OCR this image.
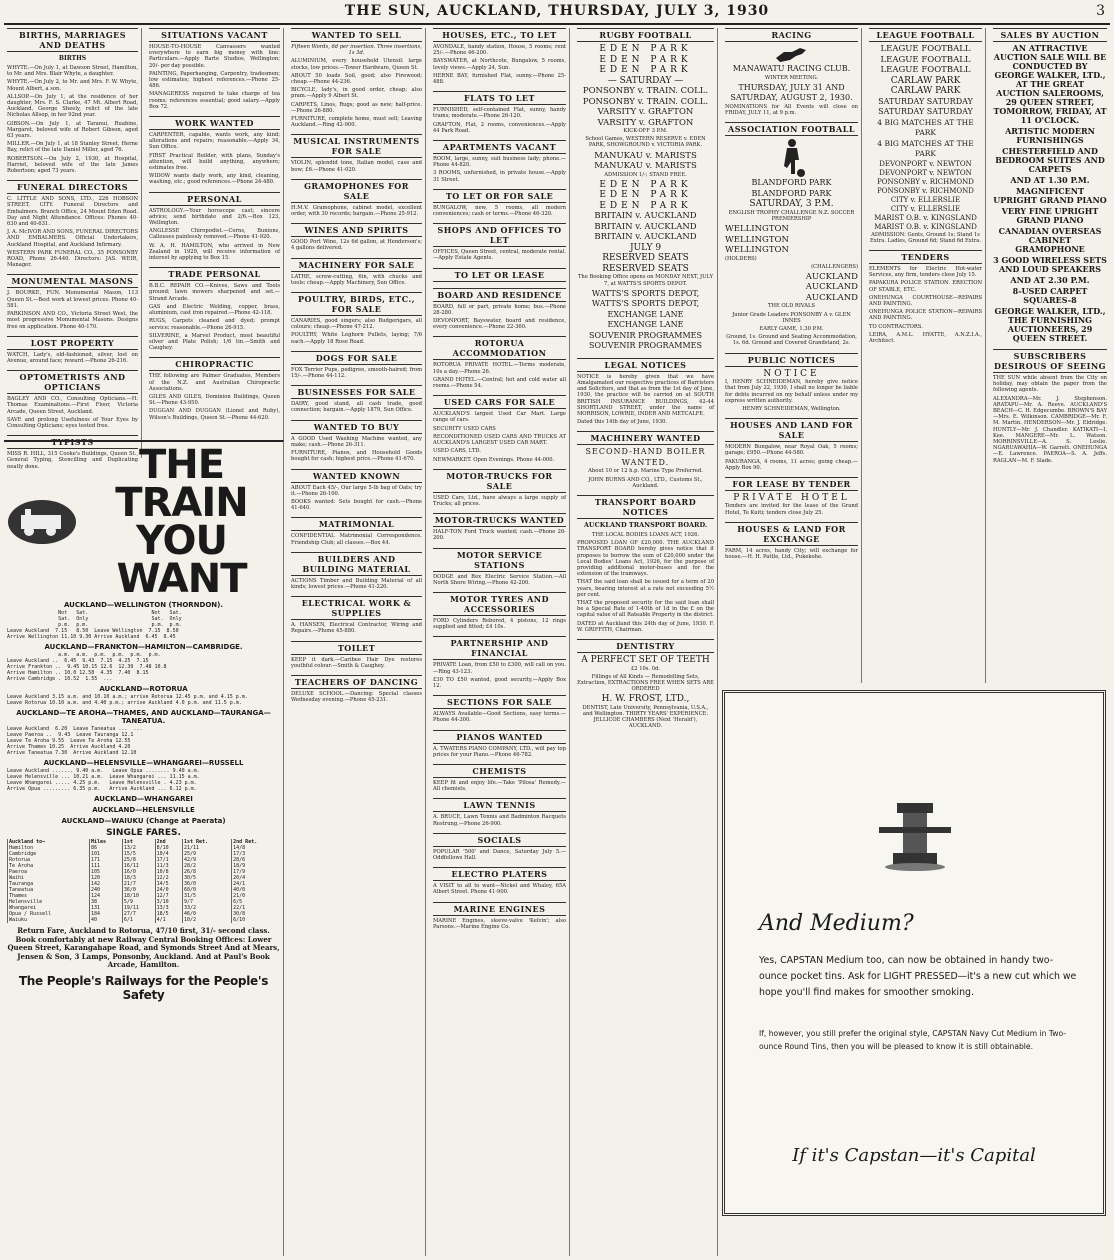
THE SUN, AUCKLAND, THURSDAY, JULY 3, 1930	3
BIRTHS, MARRIAGES AND DEATHS
BIRTHS
WHYTE.—On July 1, at Dawson Street, Hamilton, to Mr. and Mrs. Blair Whyte, a daughter.
WHYTE.—On July 2, to Mr. and Mrs. F. W. Whyte, Mount Albert, a son.
ALLSOP.—On July 1, at the residence of her daughter, Mrs. F. S. Clarke, 47 Mt. Albert Road, Auckland, George Sheely, relict of the late Nicholas Allsop, in her 92nd year.
GIBSON.—On July 1, at Taranui, Ruabine, Margaret, beloved wife of Robert Gibson, aged 63 years.
MILLER.—On July 1, at 18 Stanley Street, Herne Bay, relict of the late Daniel Miller, aged 76.
ROBERTSON.—On July 2, 1930, at Hospital, Harriet, beloved wife of the late James Robertson; aged 73 years.
FUNERAL DIRECTORS
C. LITTLE AND SONS, LTD., 226 HOBSON STREET, CITY. Funeral Directors and Embalmers. Branch Office, 24 Mount Eden Road. Day and Night Attendance. Offices: Phones 40-630 and 40-631.
J. A. McIVOR AND SONS, FUNERAL DIRECTORS AND EMBALMERS. Official Undertakers, Auckland Hospital, and Auckland Infirmary.
WESTERN PARK FUNERAL CO., 35 PONSONBY ROAD, Phone 26-440. Directors: JAS. WEIR, Manager.
MONUMENTAL MASONS
J. BOURKE, FUN. Monumental Mason, 113 Queen St.—Best work at lowest prices. Phone 40-581.
PARKINSON AND CO., Victoria Street West, the most progressive Monumental Masons. Designs free on application. Phone 40-170.
LOST PROPERTY
WATCH, Lady's, old-fashioned, silver, lost on Avenue, around face; reward.—Phone 26-216.
OPTOMETRISTS AND OPTICIANS
BAGLEY AND CO., Consulting Opticians.—H. Thomas Examinations.—First Floor, Victoria Arcade, Queen Street, Auckland.
SAVE and prolong Usefulness of Your Eyes by Consulting Opticians; eyes tested free.
TYPISTS
MISS R. HILL, 315 Cooke's Buildings, Queen St., General Typing, Stencilling and Duplicating neatly done.
SITUATIONS VACANT
HOUSE-TO-HOUSE Canvassers wanted everywhere to earn big money with line: Particulars.—Apply Rarte Studios, Wellington; 20/- per day possible.
PAINTING, Paperhanging, Carpentry, tradesmen; low estimates; highest references.—Phone 25-486.
MANAGERESS required to take charge of tea rooms; references essential; good salary.—Apply Box 72.
WORK WANTED
CARPENTER, capable, wants work, any kind; alterations and repairs; reasonable.—Apply 34, Sun Office.
FIRST Practical Builder, with plans, Sunday's attention, will build anything, anywhere; estimates free.
WIDOW wants daily work, any kind, cleaning, washing, etc.; good references.—Phone 24-480.
PERSONAL
ASTROLOGY.—Your horoscope cast; sincere advice; send birthdate and 2/6.—Box 123, Wellington.
ANGLESSE Chiropodist.—Corns, Bunions, Callouses painlessly removed.—Phone 41-920.
W. A. H. HAMILTON, who arrived in New Zealand in 1929, will receive information of interest by applying to Box 15.
TRADE PERSONAL
B.B.C. REPAIR CO.—Knives, Saws and Tools ground; lawn mowers sharpened and set.—Strand Arcade.
GAS and Electric Welding, copper, brass, aluminium, cast iron repaired.—Phone 42-118.
RUGS, Carpets cleaned and dyed; prompt service; reasonable.—Phone 26-915.
SILVERINE, a Marvel Product, most beautiful silver and Plate Polish; 1/6 tin.—Smith and Caughey.
CHIROPRACTIC
THE following are Palmer Graduates, Members of the N.Z. and Australian Chiropractic Associations.
GILES AND GILES, Dominion Buildings, Queen St.—Phone 43-950.
DUGGAN AND DUGGAN (Lionel and Ruby), Wilson's Buildings, Queen St.—Phone 44-620.
THE TRAIN
YOU WANT
AUCKLAND—WELLINGTON (THORNDON).
Not   Sat.                     Not   Sat.
Sat.  Only                     Sat.  Only
p.m.  p.m.                     p.m.  p.m.
Leave Auckland  7.15   8.50  Leave Wellington  7.15  8.50
Arrive Wellington 11.10 9.30 Arrive Auckland  6.45  8.45
AUCKLAND—FRANKTON—HAMILTON—CAMBRIDGE.
a.m.  a.m.  p.m.  p.m.  p.m.  p.m.
Leave Auckland ..  6.45  9.43  7.15  4.25  7.15
Arrive Frankton ..  9.45 10.15 12.6  12.30  7.48 10.8
Arrive Hamilton .. 10.0 12.58  4.35  7.40  8.15
Arrive Cambridge . 10.52  1.55  ...
AUCKLAND—ROTORUA
Leave Auckland 3.15 a.m. and 10.10 a.m.; arrive Rotorua 12.45 p.m. and 4.15 p.m.
Leave Rotorua 10.10 a.m. and 4.40 p.m.; arrive Auckland 4.0 p.m. and 11.5 p.m.
AUCKLAND—TE AROHA—THAMES, AND AUCKLAND—TAURANGA—TANEATUA.
Leave Auckland  6.20  Leave Taneatua ...  ...
Leave Paeroa ..  9.43  Leave Tauranga 12.1
Leave Te Aroha 9.55  Leave Te Aroha 12.55
Arrive Thames 10.25  Arrive Auckland 4.20
Arrive Taneatua 7.30  Arrive Auckland 12.10
AUCKLAND—HELENSVILLE—WHANGAREI—RUSSELL
Leave Auckland ....... 9.40 a.m.   Leave Opua ........ 9.40 a.m.
Leave Helensville ... 10.21 a.m.  Leave Whangarei ... 11.15 a.m.
Leave Whangarei ..... 4.25 p.m.   Leave Helensville . 4.23 p.m.
Arrive Opua ......... 6.35 p.m.   Arrive Auckland ... 6.12 p.m.
AUCKLAND—WHANGAREI
AUCKLAND—HELENSVILLE
AUCKLAND—WAIUKU (Change at Paerata)
SINGLE FARES.
Auckland to—	Miles	1st	2nd	1st Ret.	2nd Ret.
Hamilton	86	13/2	8/10	21/11	14/8
Cambridge	101	15/5	10/4	25/9	17/3
Rotorua	171	25/8	17/1	42/9	28/6
Te Aroha	111	16/11	11/3	28/2	18/9
Paeroa	105	16/0	10/8	26/8	17/9
Waihi	120	18/3	12/2	30/5	20/4
Tauranga	142	21/7	14/5	36/0	24/1
Taneatua	240	36/0	24/0	60/0	40/0
Thames	124	18/10	12/7	31/5	21/0
Helensville	38	5/9	3/10	9/7	6/5
Whangarei	131	19/11	13/3	33/2	22/1
Opua / Russell	184	27/7	18/5	46/0	30/8
Waiuku	40	6/1	4/1	10/2	6/10
Return Fare, Auckland to Rotorua, 47/10 first, 31/- second class.
Book comfortably at new Railway Central Booking Offices: Lower Queen Street, Karangahape Road, and Symonds Street And at Mears, Jensen & Son, 3 Lamps, Ponsonby, Auckland. And at Paul's Book Arcade, Hamilton.
The People's Railways for the People's Safety
WANTED TO SELL
Fifteen Words, 6d per insertion. Three insertions, 1s 3d.
ALUMINIUM, every household Utensil: large stocks, low prices.—Tower Hardware, Queen St.
ABOUT 50 loads Soil, good; also Firewood; cheap.—Phone 44-236.
BICYCLE, lady's, in good order, cheap; also pram.—Apply 9 Albert St.
CARPETS, Linos, Rugs; good as new; half-price.—Phone 26-880.
FURNITURE, complete home, must sell; Leaving Auckland.—Ring 42-900.
MUSICAL INSTRUMENTS FOR SALE
VIOLIN, splendid tone, Italian model, case and bow; £6.—Phone 41-020.
GRAMOPHONES FOR SALE
H.M.V. Gramophone, cabinet model, excellent order, with 30 records; bargain.—Phone 25-912.
WINES AND SPIRITS
GOOD Port Wine, 12s 6d gallon, at Henderson's; 4 gallons delivered.
MACHINERY FOR SALE
LATHE, screw-cutting, 6in, with chucks and tools; cheap.—Apply Machinery, Sun Office.
POULTRY, BIRDS, ETC., FOR SALE
CANARIES, good singers; also Budgerigars, all colours; cheap.—Phone 47-212.
POULTRY, White Leghorn Pullets, laying; 7/6 each.—Apply 18 Rose Road.
DOGS FOR SALE
FOX Terrier Pups, pedigree, smooth-haired; from 15/-.—Phone 44-112.
BUSINESSES FOR SALE
DAIRY, good stand, all cash trade, good connection; bargain.—Apply 1879, Sun Office.
WANTED TO BUY
A GOOD Used Washing Machine wanted, any make; cash.—Phone 26-311.
FURNITURE, Pianos, and Household Goods bought for cash; highest price.—Phone 41-670.
WANTED KNOWN
ABOUT Each 45/-, Our large 5-lb bag of Oats; try it.—Phone 26-100.
BOOKS wanted: Sets bought for cash.—Phone 41-640.
MATRIMONIAL
CONFIDENTIAL Matrimonial Correspondence. Friendship Club; all classes.—Box 44.
BUILDERS AND BUILDING MATERIAL
ACTIONS Timber and Building Material of all kinds; lowest prices.—Phone 41-220.
ELECTRICAL WORK & SUPPLIES
A. HANSEN, Electrical Contractor, Wiring and Repairs.—Phone 45-880.
TOILET
KEEP it dark.—Caribee Hair Dye restores youthful colour.—Smith & Caughey.
TEACHERS OF DANCING
DELUXE SCHOOL.—Dancing: Special classes Wednesday evening.—Phone 45-231.
HOUSES, ETC., TO LET
AVONDALE, handy station, House, 5 rooms; rent 25/-.—Phone 46-200.
BAYSWATER, at Northcote, Bungalow, 5 rooms, lovely views.—Apply 24, Sun.
HERNE BAY, furnished Flat, sunny.—Phone 25-488.
FLATS TO LET
FURNISHED, self-contained Flat, sunny, handy trams; moderate.—Phone 26-120.
GRAFTON, Flat, 2 rooms, conveniences.—Apply 44 Park Road.
APARTMENTS VACANT
ROOM, large, sunny, suit business lady; phone.—Phone 44-820.
3 ROOMS, unfurnished, in private house.—Apply 31 Street.
TO LET OR FOR SALE
BUNGALOW, new, 5 rooms, all modern conveniences; cash or terms.—Phone 46-320.
SHOPS AND OFFICES TO LET
OFFICES, Queen Street, central, moderate rental.—Apply Estate Agents.
TO LET OR LEASE
BOARD AND RESIDENCE
BOARD, full or part, private home; bus.—Phone 28-280.
DEVONPORT, Bayswater, board and residence, every convenience.—Phone 22-360.
ROTORUA ACCOMMODATION
ROTORUA PRIVATE HOTEL.—Terms moderate, 10s a day.—Phone 26.
GRAND HOTEL.—Central; hot and cold water all rooms.—Phone 54.
USED CARS FOR SALE
AUCKLAND'S largest Used Car Mart. Large range of cars.
SECURITY USED CARS
RECONDITIONED USED CARS AND TRUCKS AT AUCKLAND'S LARGEST USED CAR MART.
USED CARS, LTD.
NEWMARKET. Open Evenings. Phone 44-000.
MOTOR-TRUCKS FOR SALE
USED Cars, Ltd., have always a large supply of Trucks; all prices.
MOTOR-TRUCKS WANTED
HALF-TON Ford Truck wanted; cash.—Phone 26-200.
MOTOR SERVICE STATIONS
DODGE and Rex Electric Service Station.—All North Shore Wiring.—Phone 42-200.
MOTOR TYRES AND ACCESSORIES
FORD Cylinders Rebored, 4 pistons, 12 rings supplied and fitted; £4 10s.
PARTNERSHIP AND FINANCIAL
PRIVATE Loan, from £50 to £300, will call on you.—Ring 43-123.
£30 TO £50 wanted, good security.—Apply Box 12.
SECTIONS FOR SALE
ALWAYS Available—Good Sections, easy terms.—Phone 44-300.
PIANOS WANTED
A. TWATERS PIANO COMPANY, LTD., will pay top prices for your Piano.—Phone 46-782.
CHEMISTS
KEEP fit and enjoy life.—Take 'Pilosa' Remedy.—All chemists.
LAWN TENNIS
A. BRUCE, Lawn Tennis and Badminton Racquets Restrung.—Phone 26-900.
SOCIALS
POPULAR '500' and Dance, Saturday July 5.—Oddfellows Hall.
ELECTRO PLATERS
A VISIT to all to want—Nickel and Whaley, 65A Albert Street. Phone 41-900.
MARINE ENGINES
MARINE Engines, sleeve-valve 'Kelvin'; also Parsons.—Marine Engine Co.
RUGBY FOOTBALL
EDEN PARK
EDEN PARK
EDEN PARK
— SATURDAY —
PONSONBY v. TRAIN. COLL.
PONSONBY v. TRAIN. COLL.
VARSITY v. GRAFTON
VARSITY v. GRAFTON
KICK-OFF 3 P.M.
School Games, WESTERN RESERVE v. EDEN PARK, SHOWGROUND v. VICTORIA PARK.
MANUKAU v. MARISTS
MANUKAU v. MARISTS
ADMISSION 1/-; STAND FREE.
EDEN PARK
EDEN PARK
EDEN PARK
BRITAIN v. AUCKLAND
BRITAIN v. AUCKLAND
BRITAIN v. AUCKLAND
JULY 9
RESERVED SEATS
RESERVED SEATS
The Booking Office opens on MONDAY NEXT, JULY 7, at WATTS'S SPORTS DEPOT.
WATTS'S SPORTS DEPOT,
WATTS'S SPORTS DEPOT,
EXCHANGE LANE
EXCHANGE LANE
SOUVENIR PROGRAMMES
SOUVENIR PROGRAMMES
LEGAL NOTICES
NOTICE is hereby given that we have Amalgamated our respective practices of Barristers and Solicitors, and that as from the 1st day of June, 1930, the practice will be carried on at SOUTH BRITISH INSURANCE BUILDINGS, 42-44 SHORTLAND STREET, under the name of MORRISON, LOWRIE, INDER AND METCALFE.
Dated this 14th day of June, 1930.
MACHINERY WANTED
SECOND-HAND BOILER WANTED.
About 10 or 12 h.p. Marine Type Preferred.
JOHN BURNS AND CO., LTD., Customs St., Auckland.
TRANSPORT BOARD NOTICES
AUCKLAND TRANSPORT BOARD.
THE LOCAL BODIES LOANS ACT, 1926.
PROPOSED LOAN OF £20,000. THE AUCKLAND TRANSPORT BOARD hereby gives notice that it proposes to borrow the sum of £20,000 under the Local Bodies' Loans Act, 1926, for the purpose of providing additional motor-buses and for the extension of the tramways.
THAT the said loan shall be issued for a term of 20 years, bearing interest at a rate not exceeding 5½ per cent.
THAT the proposed security for the said loan shall be a Special Rate of 1-40th of 1d in the £ on the capital value of all Rateable Property in the district.
DATED at Auckland this 24th day of June, 1930. F. W. GRIFFITH, Chairman.
DENTISTRY
A PERFECT SET OF TEETH
£2 10s. 0d.
Fillings of All Kinds — Remodelling Sets, Extraction, EXTRACTIONS FREE WHEN SETS ARE ORDERED
H. W. FROST, LTD.,
DENTIST, Late University, Pennsylvania, U.S.A., and Wellington. THIRTY YEARS' EXPERIENCE. JELLICOE CHAMBERS (Next 'Herald'), AUCKLAND.
RACING
MANAWATU RACING CLUB.
WINTER MEETING.
THURSDAY, JULY 31 AND SATURDAY, AUGUST 2, 1930.
NOMINATIONS for All Events will close on FRIDAY, JULY 11, at 9 p.m.
ASSOCIATION FOOTBALL
BLANDFORD PARK
BLANDFORD PARK
SATURDAY, 3 P.M.
ENGLISH TROPHY CHALLENGE N.Z. SOCCER PREMIERSHIP
WELLINGTON
WELLINGTON
WELLINGTON
(HOLDERS)
(CHALLENGERS)
AUCKLAND
AUCKLAND
AUCKLAND
THE OLD RIVALS
Junior Grade Leaders PONSONBY A v. GLEN INNES
EARLY GAME, 1.30 P.M.
Ground, 1s. Ground and Seating Accommodation, 1s. 6d. Ground and Covered Grandstand, 2s.
PUBLIC NOTICES
NOTICE
I, HENRY SCHNEIDEMAN, hereby give notice that from July 22, 1930, I shall no longer be liable for debts incurred on my behalf unless under my express written authority.
HENRY SCHNEIDEMAN, Wellington.
HOUSES AND LAND FOR SALE
MODERN Bungalow, near Royal Oak, 5 rooms; garage; £950.—Phone 44-580.
PAKURANGA, 4 rooms, 11 acres; going cheap.—Apply Box 90.
FOR LEASE BY TENDER
PRIVATE HOTEL
Tenders are invited for the lease of the Grand Hotel, Te Kuiti; tenders close July 25.
HOUSES & LAND FOR EXCHANGE
FARM, 14 acres, handy City; will exchange for house.—H. H. Pattle, Ltd., Pukekohe.
LEAGUE FOOTBALL
LEAGUE FOOTBALL
LEAGUE FOOTBALL
LEAGUE FOOTBALL
CARLAW PARK
CARLAW PARK
SATURDAY SATURDAY
SATURDAY SATURDAY
4 BIG MATCHES AT THE PARK
4 BIG MATCHES AT THE PARK
DEVONPORT v. NEWTON
DEVONPORT v. NEWTON
PONSONBY v. RICHMOND
PONSONBY v. RICHMOND
CITY v. ELLERSLIE
CITY v. ELLERSLIE
MARIST O.B. v. KINGSLAND
MARIST O.B. v. KINGSLAND
ADMISSION: Gents, Ground 1s; Stand 1s Extra. Ladies, Ground 6d; Stand 6d Extra.
TENDERS
ELEMENTS for Electric Hot-water Services, any firm, tenders close July 15.
PAPAKURA POLICE STATION. ERECTION OF STABLE, ETC.
ONEHUNGA COURTHOUSE—REPAIRS AND PAINTING.
ONEHUNGA POLICE STATION—REPAIRS AND PAINTING.
TO CONTRACTORS.
LEIRA, A.M.L. HYATTE, A.N.Z.I.A., Architect.
SALES BY AUCTION
AN ATTRACTIVE AUCTION SALE WILL BE CONDUCTED BY GEORGE WALKER, LTD., AT THE GREAT AUCTION SALEROOMS, 29 QUEEN STREET, TOMORROW, FRIDAY, AT 11 O'CLOCK.
ARTISTIC MODERN FURNISHINGS
CHESTERFIELD AND BEDROOM SUITES AND CARPETS
AND AT 1.30 P.M.
MAGNIFICENT UPRIGHT GRAND PIANO
VERY FINE UPRIGHT GRAND PIANO
CANADIAN OVERSEAS CABINET GRAMOPHONE
3 GOOD WIRELESS SETS AND LOUD SPEAKERS
AND AT 2.30 P.M.
8-USED CARPET SQUARES-8
GEORGE WALKER, LTD., THE FURNISHING AUCTIONEERS, 29 QUEEN STREET.
SUBSCRIBERS DESIROUS OF SEEING
THE SUN while absent from the City on holiday, may obtain the paper from the following agents.
ALEXANDRA—Mr. J. Stephenson. ARATAPU—Mr. A. Reeve. AUCKLAND'S BEACH—C. H. Edgecumbe. BROWN'S BAY—Mrs. E. Wilkinson. CAMBRIDGE—Mr. F. M. Martin. HENDERSON—Mr. J. Eldridge. HUNTLY—Mr. J. Chandler. KATIKATI—I. Kee. MANGERE—Mr. L. Watson. MORRINSVILLE—A. S. Leslie. NGARUAWAHIA—W. Garrett. ONEHUNGA—E. Lawrence. PAEROA—S. A. Jeffs. RAGLAN—M. F. Slade.
And Medium?
Yes, CAPSTAN Medium too, can now be obtained in handy two-ounce pocket tins. Ask for LIGHT PRESSED—it's a new cut which we hope you'll find makes for smoother smoking.
If, however, you still prefer the original style, CAPSTAN Navy Cut Medium in Two-ounce Round Tins, then you will be pleased to know it is still obtainable.
If it's Capstan—it's Capital
